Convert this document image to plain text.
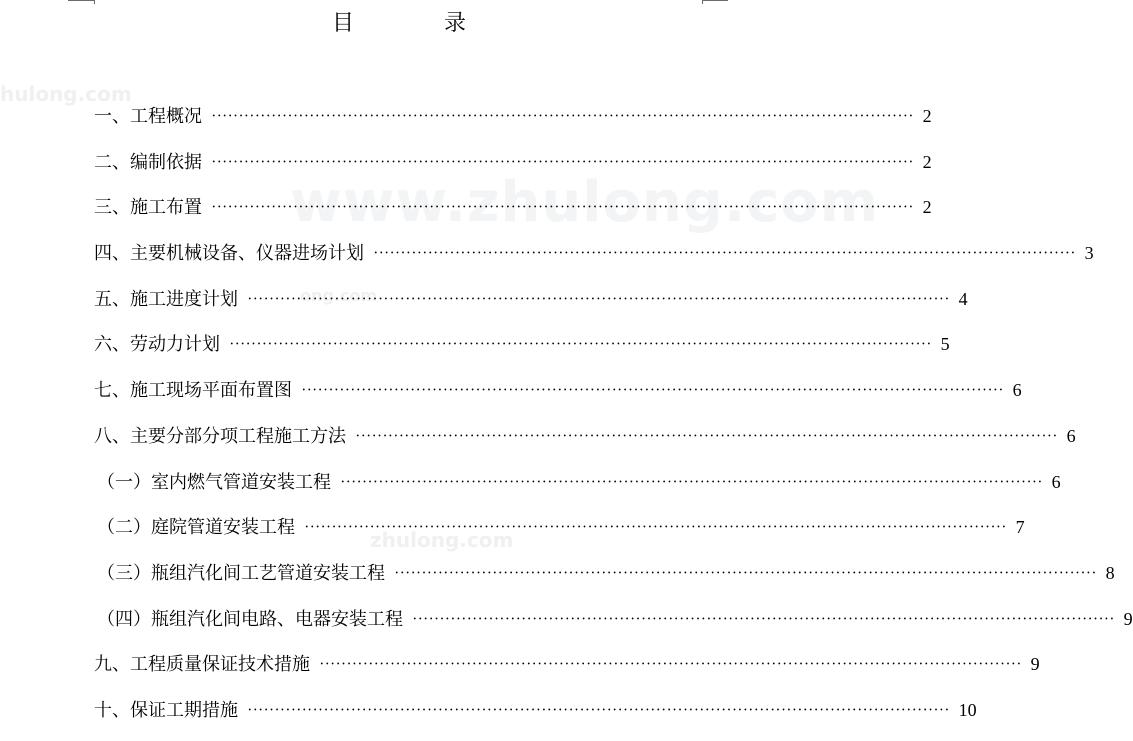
hulong.com
www.zhulong.com
ong.com
zhulong.com
目　录
一、工程概况 • • •	2
二、编制依据 • • •	2
三、施工布置 • • •	2
四、主要机械设备、仪器进场计划 • • •	3
五、施工进度计划 • • •	4
六、劳动力计划 • • •	5
七、施工现场平面布置图 • • •	6
八、主要分部分项工程施工方法 • • •	6
（一）室内燃气管道安装工程 • • •	6
（二）庭院管道安装工程 • • •	7
（三）瓶组汽化间工艺管道安装工程 • • •	8
（四）瓶组汽化间电路、电器安装工程 • • •	9
九、工程质量保证技术措施 • • •	9
十、保证工期措施 • • •	10
